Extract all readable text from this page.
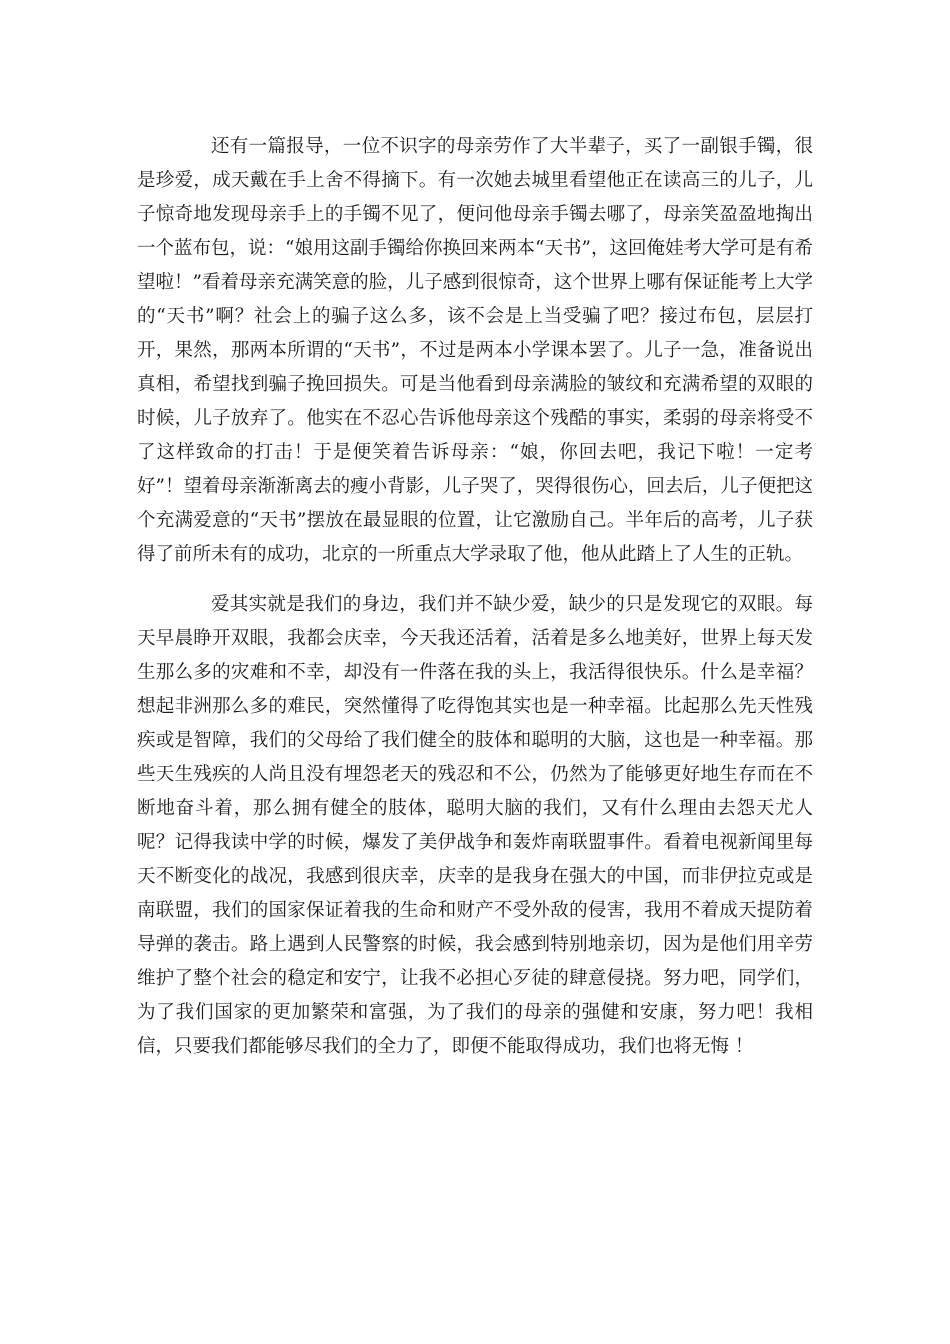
还有一篇报导，一位不识字的母亲劳作了大半辈子，买了一副银手镯，很是珍爱，成天戴在手上舍不得摘下。有一次她去城里看望他正在读高三的儿子，儿子惊奇地发现母亲手上的手镯不见了，便问他母亲手镯去哪了，母亲笑盈盈地掏出一个蓝布包，说：“娘用这副手镯给你换回来两本“天书”，这回俺娃考大学可是有希望啦！”看着母亲充满笑意的脸，儿子感到很惊奇，这个世界上哪有保证能考上大学的“天书”啊？社会上的骗子这么多，该不会是上当受骗了吧？接过布包，层层打开，果然，那两本所谓的“天书”，不过是两本小学课本罢了。儿子一急，准备说出真相，希望找到骗子挽回损失。可是当他看到母亲满脸的皱纹和充满希望的双眼的时候，儿子放弃了。他实在不忍心告诉他母亲这个残酷的事实，柔弱的母亲将受不了这样致命的打击！于是便笑着告诉母亲：“娘，你回去吧，我记下啦！一定考好”！望着母亲渐渐离去的瘦小背影，儿子哭了，哭得很伤心，回去后，儿子便把这个充满爱意的“天书”摆放在最显眼的位置，让它激励自己。半年后的高考，儿子获得了前所未有的成功，北京的一所重点大学录取了他，他从此踏上了人生的正轨。

爱其实就是我们的身边，我们并不缺少爱，缺少的只是发现它的双眼。每天早晨睁开双眼，我都会庆幸，今天我还活着，活着是多么地美好，世界上每天发生那么多的灾难和不幸，却没有一件落在我的头上，我活得很快乐。什么是幸福？想起非洲那么多的难民，突然懂得了吃得饱其实也是一种幸福。比起那么先天性残疾或是智障，我们的父母给了我们健全的肢体和聪明的大脑，这也是一种幸福。那些天生残疾的人尚且没有埋怨老天的残忍和不公，仍然为了能够更好地生存而在不断地奋斗着，那么拥有健全的肢体，聪明大脑的我们，又有什么理由去怨天尤人呢？记得我读中学的时候，爆发了美伊战争和轰炸南联盟事件。看着电视新闻里每天不断变化的战况，我感到很庆幸，庆幸的是我身在强大的中国，而非伊拉克或是南联盟，我们的国家保证着我的生命和财产不受外敌的侵害，我用不着成天提防着导弹的袭击。路上遇到人民警察的时候，我会感到特别地亲切，因为是他们用辛劳维护了整个社会的稳定和安宁，让我不必担心歹徒的肆意侵挠。努力吧，同学们，为了我们国家的更加繁荣和富强，为了我们的母亲的强健和安康，努力吧！我相信，只要我们都能够尽我们的全力了，即便不能取得成功，我们也将无悔 ！
